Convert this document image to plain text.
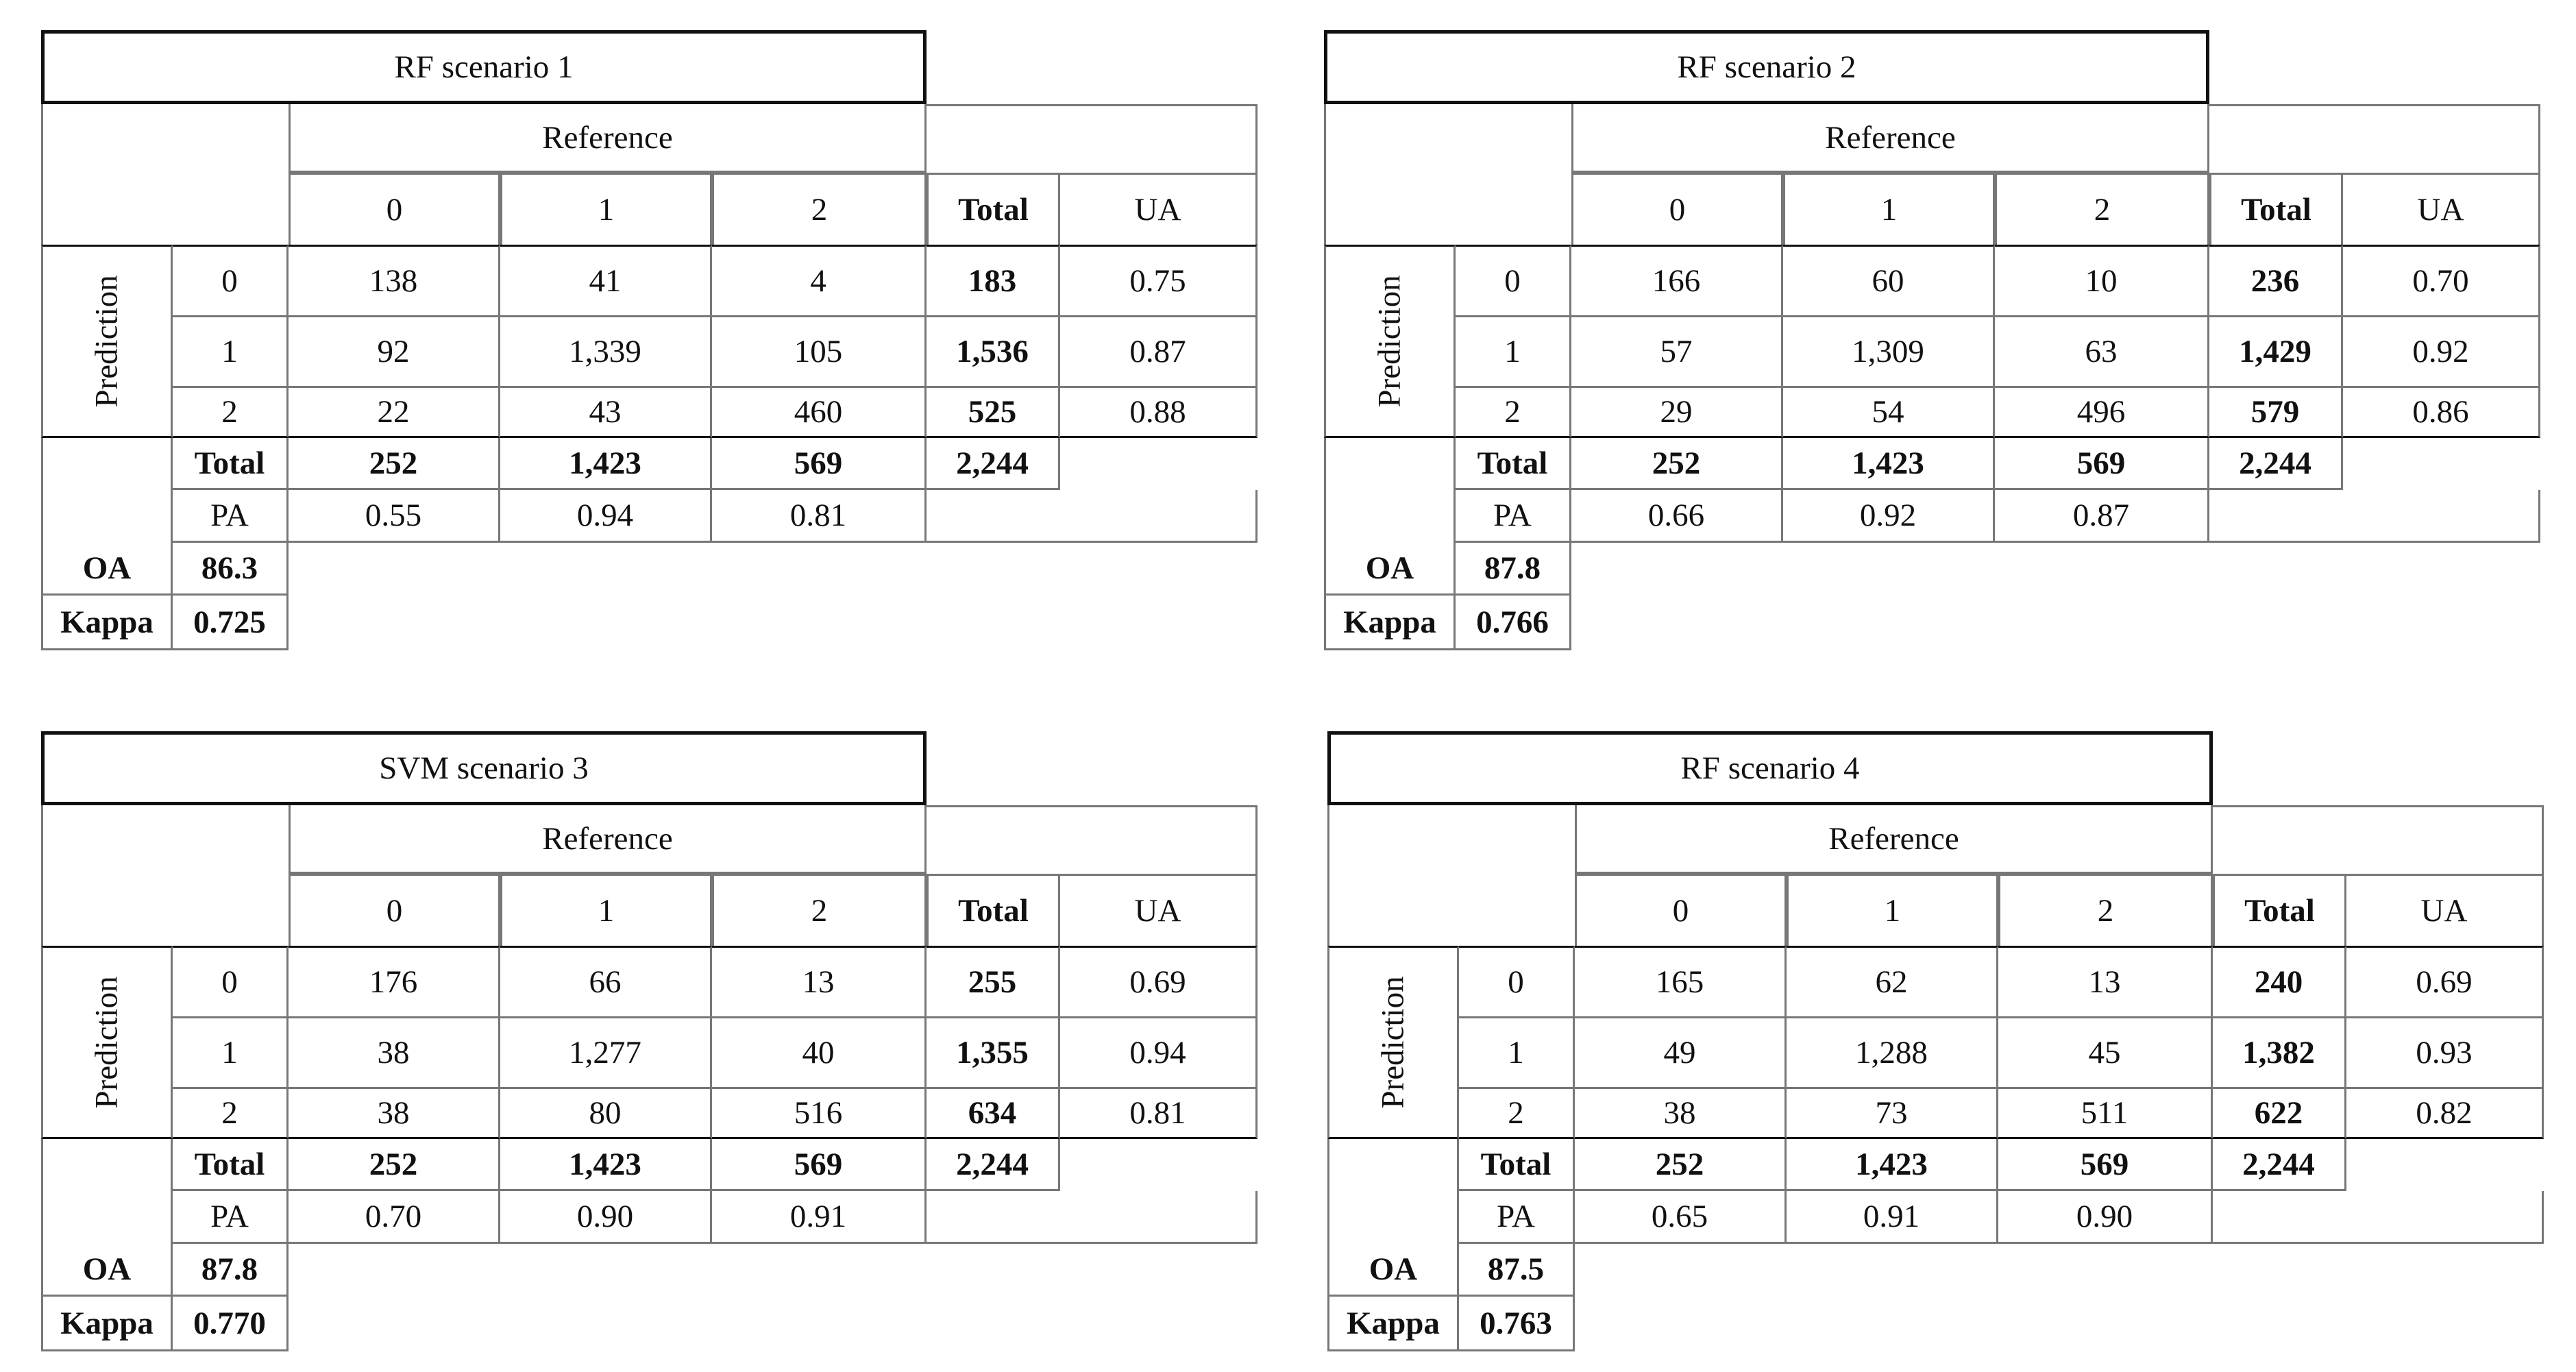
RF scenario 1
Reference
0	1	2	Total	UA
Prediction	0	138	41	4	183	0.75
1	92	1,339	105	1,536	0.87
2	22	43	460	525	0.88
Total	252	1,423	569	2,244
PA	0.55	0.94	0.81
OA	86.3
Kappa	0.725
RF scenario 2
Reference
0	1	2	Total	UA
Prediction	0	166	60	10	236	0.70
1	57	1,309	63	1,429	0.92
2	29	54	496	579	0.86
Total	252	1,423	569	2,244
PA	0.66	0.92	0.87
OA	87.8
Kappa	0.766
SVM scenario 3
Reference
0	1	2	Total	UA
Prediction	0	176	66	13	255	0.69
1	38	1,277	40	1,355	0.94
2	38	80	516	634	0.81
Total	252	1,423	569	2,244
PA	0.70	0.90	0.91
OA	87.8
Kappa	0.770
RF scenario 4
Reference
0	1	2	Total	UA
Prediction	0	165	62	13	240	0.69
1	49	1,288	45	1,382	0.93
2	38	73	511	622	0.82
Total	252	1,423	569	2,244
PA	0.65	0.91	0.90
OA	87.5
Kappa	0.763
